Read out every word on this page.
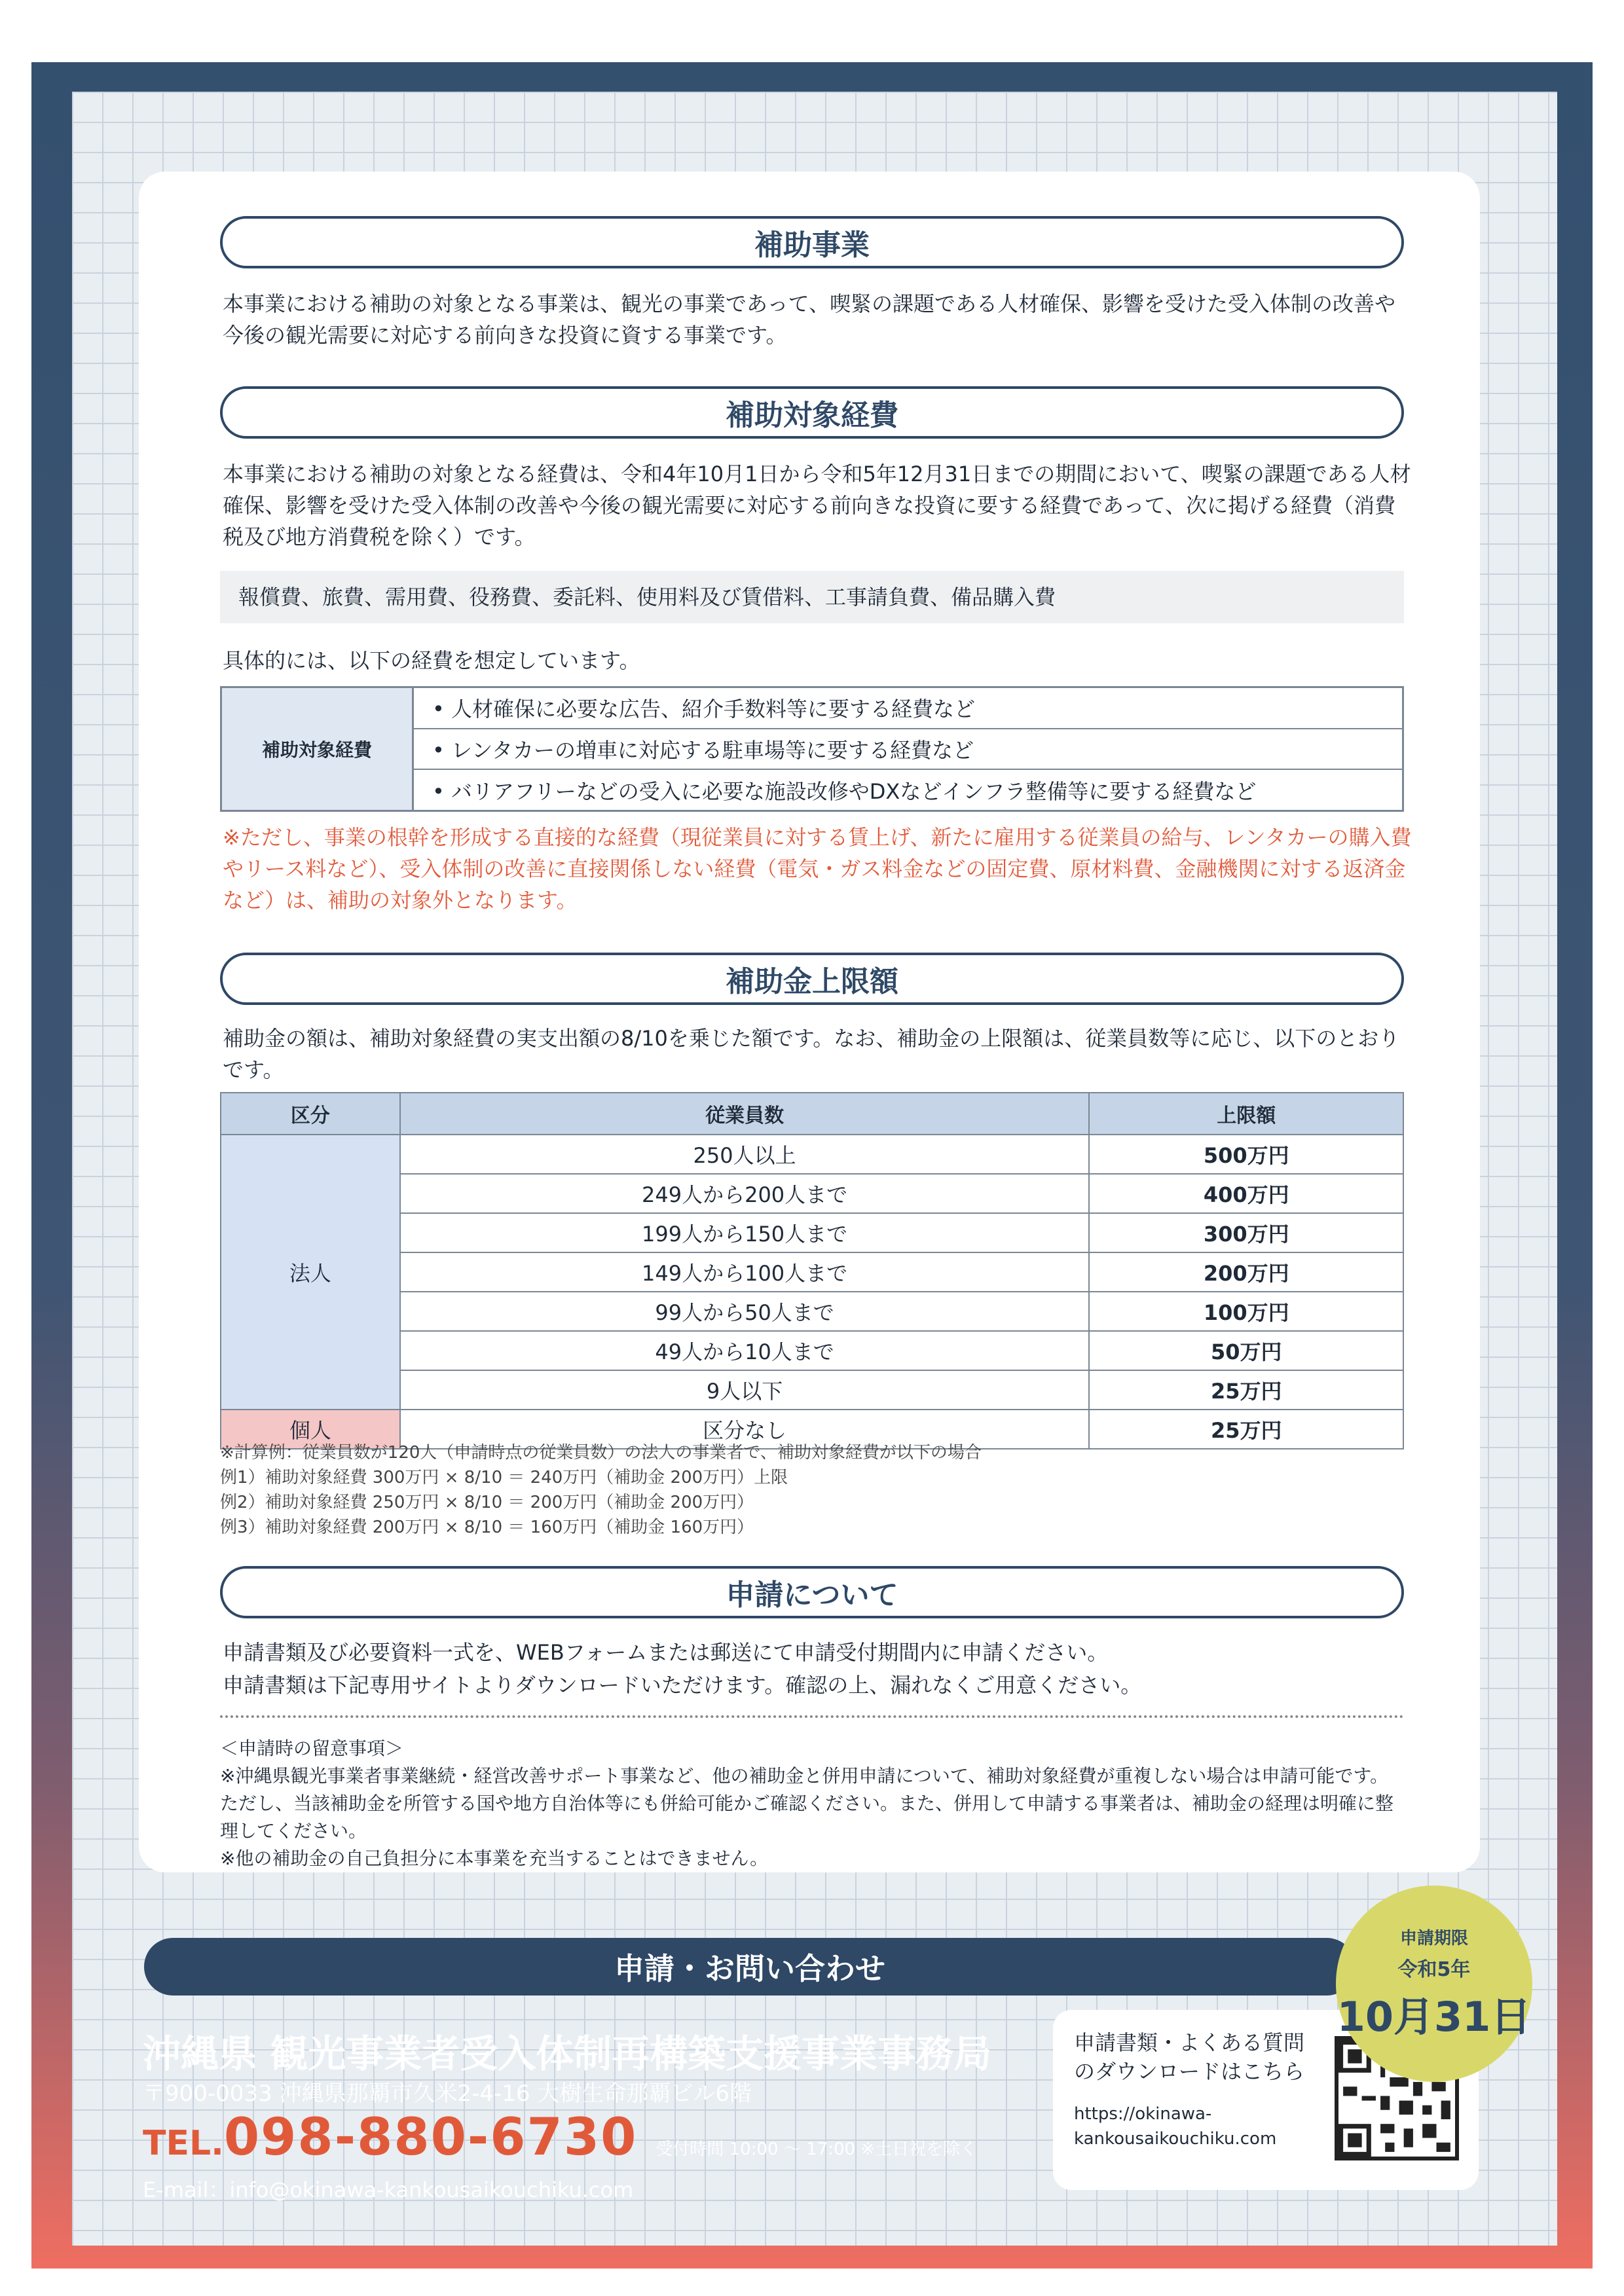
補助事業
本事業における補助の対象となる事業は、観光の事業であって、喫緊の課題である人材確保、影響を受けた受入体制の改善や今後の観光需要に対応する前向きな投資に資する事業です。
補助対象経費
本事業における補助の対象となる経費は、令和4年10月1日から令和5年12月31日までの期間において、喫緊の課題である人材確保、影響を受けた受入体制の改善や今後の観光需要に対応する前向きな投資に要する経費であって、次に掲げる経費（消費税及び地方消費税を除く）です。
報償費、旅費、需用費、役務費、委託料、使用料及び賃借料、工事請負費、備品購入費
具体的には、以下の経費を想定しています。
補助対象経費
• 人材確保に必要な広告、紹介手数料等に要する経費など
• レンタカーの増車に対応する駐車場等に要する経費など
• バリアフリーなどの受入に必要な施設改修やDXなどインフラ整備等に要する経費など
※ただし、事業の根幹を形成する直接的な経費（現従業員に対する賃上げ、新たに雇用する従業員の給与、レンタカーの購入費やリース料など）、受入体制の改善に直接関係しない経費（電気・ガス料金などの固定費、原材料費、金融機関に対する返済金など）は、補助の対象外となります。
補助金上限額
補助金の額は、補助対象経費の実支出額の8/10を乗じた額です。なお、補助金の上限額は、従業員数等に応じ、以下のとおりです。
区分	従業員数	上限額
法人	250人以上	500万円
	249人から200人まで	400万円
	199人から150人まで	300万円
	149人から100人まで	200万円
	99人から50人まで	100万円
	49人から10人まで	50万円
	9人以下	25万円
個人	区分なし	25万円
※計算例：従業員数が120人（申請時点の従業員数）の法人の事業者で、補助対象経費が以下の場合
例1）補助対象経費 300万円 × 8/10 ＝ 240万円（補助金 200万円）上限
例2）補助対象経費 250万円 × 8/10 ＝ 200万円（補助金 200万円）
例3）補助対象経費 200万円 × 8/10 ＝ 160万円（補助金 160万円）
申請について
申請書類及び必要資料一式を、WEBフォームまたは郵送にて申請受付期間内に申請ください。
申請書類は下記専用サイトよりダウンロードいただけます。確認の上、漏れなくご用意ください。
＜申請時の留意事項＞
※沖縄県観光事業者事業継続・経営改善サポート事業など、他の補助金と併用申請について、補助対象経費が重複しない場合は申請可能です。ただし、当該補助金を所管する国や地方自治体等にも併給可能かご確認ください。また、併用して申請する事業者は、補助金の経理は明確に整理してください。
※他の補助金の自己負担分に本事業を充当することはできません。
申請・お問い合わせ
沖縄県 観光事業者受入体制再構築支援事業事務局
〒900-0033 沖縄県那覇市久米2-4-16 大樹生命那覇ビル6階
TEL. 098-880-6730 受付時間 10:00 ～ 17:00 ※土日祝を除く
E-mail：info@okinawa-kankousaikouchiku.com
申請書類・よくある質問のダウンロードはこちら
https://okinawa-kankousaikouchiku.com
申請期限
令和5年
10月31日
